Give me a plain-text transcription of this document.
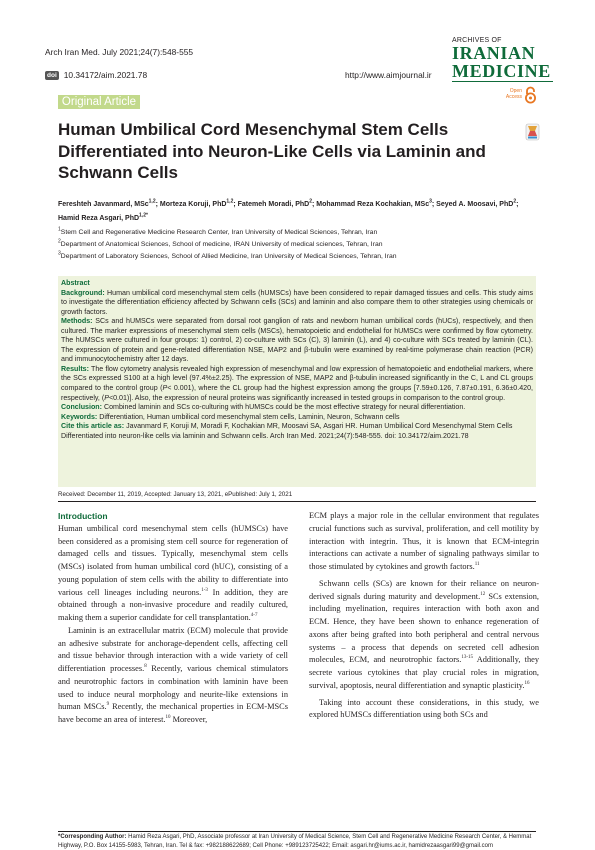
Arch Iran Med. July 2021;24(7):548-555
doi 10.34172/aim.2021.78	http://www.aimjournal.ir
ARCHIVES OF
IRANIAN
MEDICINE
Open Access
Original Article
Human Umbilical Cord Mesenchymal Stem Cells Differentiated into Neuron-Like Cells via Laminin and Schwann Cells
Fereshteh Javanmard, MSc$^{1,2}$; Morteza Koruji, PhD$^{1,2}$; Fatemeh Moradi, PhD$^2$; Mohammad Reza Kochakian, MSc$^3$; Seyed A. Moosavi, PhD$^2$; Hamid Reza Asgari, PhD$^{1,2*}$
$^1$Stem Cell and Regenerative Medicine Research Center, Iran University of Medical Sciences, Tehran, Iran
$^2$Department of Anatomical Sciences, School of medicine, IRAN University of medical sciences, Tehran, Iran
$^3$Department of Laboratory Sciences, School of Allied Medicine, Iran University of Medical Sciences, Tehran, Iran

Abstract

Background: Human umbilical cord mesenchymal stem cells (hUMSCs) have been considered to repair damaged tissues and cells. This study aims to investigate the differentiation efficiency affected by Schwann cells (SCs) and laminin and also compare them to other strategies using chemicals or growth factors.

Methods: SCs and hUMSCs were separated from dorsal root ganglion of rats and newborn human umbilical cords (hUCs), respectively, and then cultured. The marker expressions of mesenchymal stem cells (MSCs), hematopoietic and endothelial for hUMSCs were confirmed by flow cytometry. The hUMSCs were cultured in four groups: 1) control, 2) co-culture with SCs (C), 3) laminin (L), and 4) co-culture with SCs treated by laminin (CL). The expression of protein and gene-related differentiation NSE, MAP2 and β-tubulin were examined by real-time polymerase chain reaction (PCR) and immunocytochemistry after 12 days.

Results: The flow cytometry analysis revealed high expression of mesenchymal and low expression of hematopoietic and endothelial markers, where the SCs expressed S100 at a high level (97.4%±2.25). The expression of NSE, MAP2 and β-tubulin increased significantly in the C, L and CL groups compared to the control group (P< 0.001), where the CL group had the highest expression among the groups [7.59±0.126, 7.87±0.191, 6.36±0.420, respectively, (P<0.01)]. Also, the expression of neural proteins was significantly increased in tested groups in comparison to the control group.

Conclusion: Combined laminin and SCs co-culturing with hUMSCs could be the most effective strategy for neural differentiation.

Keywords: Differentiation, Human umbilical cord mesenchymal stem cells, Laminin, Neuron, Schwann cells

Cite this article as: Javanmard F, Koruji M, Moradi F, Kochakian MR, Moosavi SA, Asgari HR. Human Umbilical Cord Mesenchymal Stem Cells Differentiated into neuron-like cells via laminin and Schwann cells. Arch Iran Med. 2021;24(7):548-555. doi: 10.34172/aim.2021.78

Received: December 11, 2019, Accepted: January 13, 2021, ePublished: July 1, 2021

Introduction

Human umbilical cord mesenchymal stem cells (hUMSCs) have been considered as a promising stem cell source for regeneration of damaged cells and tissues. Typically, mesenchymal stem cells (MSCs) isolated from human umbilical cord (hUC), consisting of a young population of stem cells with the ability to differentiate into various cell lineages including neurons.$^{1-3}$ In addition, they are obtained through a non-invasive procedure and readily cultured, making them a superior candidate for cell transplantation.$^{4-7}$

Laminin is an extracellular matrix (ECM) molecule that provide an adhesive substrate for anchorage-dependent cells, affecting cell and tissue behavior through interaction with a wide variety of cell differentiation processes.$^8$ Recently, various chemical stimulators and neurotrophic factors in combination with laminin have been used to induce neural morphology and neurite-like extensions in human MSCs.$^9$ Recently, the mechanical properties in ECM-MSCs have become an area of interest.$^{10}$ Moreover,

ECM plays a major role in the cellular environment that regulates crucial functions such as survival, proliferation, and cell motility by interaction with integrin. Thus, it is known that ECM-integrin interactions can activate a number of signaling pathways similar to those stimulated by cytokines and growth factors.$^{11}$

Schwann cells (SCs) are known for their reliance on neuron-derived signals during maturity and development.$^{12}$ SCs extension, including myelination, requires interaction with both axon and ECM. Hence, they have been shown to enhance regeneration of axons after being grafted into both peripheral and central nervous systems – a process that depends on secreted cell adhesion molecules, ECM, and neurotrophic factors.$^{13-15}$ Additionally, they secrete various cytokines that play crucial roles in migration, survival, apoptosis, neural differentiation and synaptic plasticity.$^{16}$

Taking into account these considerations, in this study, we explored hUMSCs differentiation using both SCs and

*Corresponding Author: Hamid Reza Asgari, PhD, Associate professor at Iran University of Medical Science, Stem Cell and Regenerative Medicine Research Center, & Hemmat Highway, P.O. Box 14155-5983, Tehran, Iran. Tel & fax: +982188622689; Cell Phone: +989123725422; Email: asgari.hr@iums.ac.ir, hamidrezaasgari99@gmail.com
